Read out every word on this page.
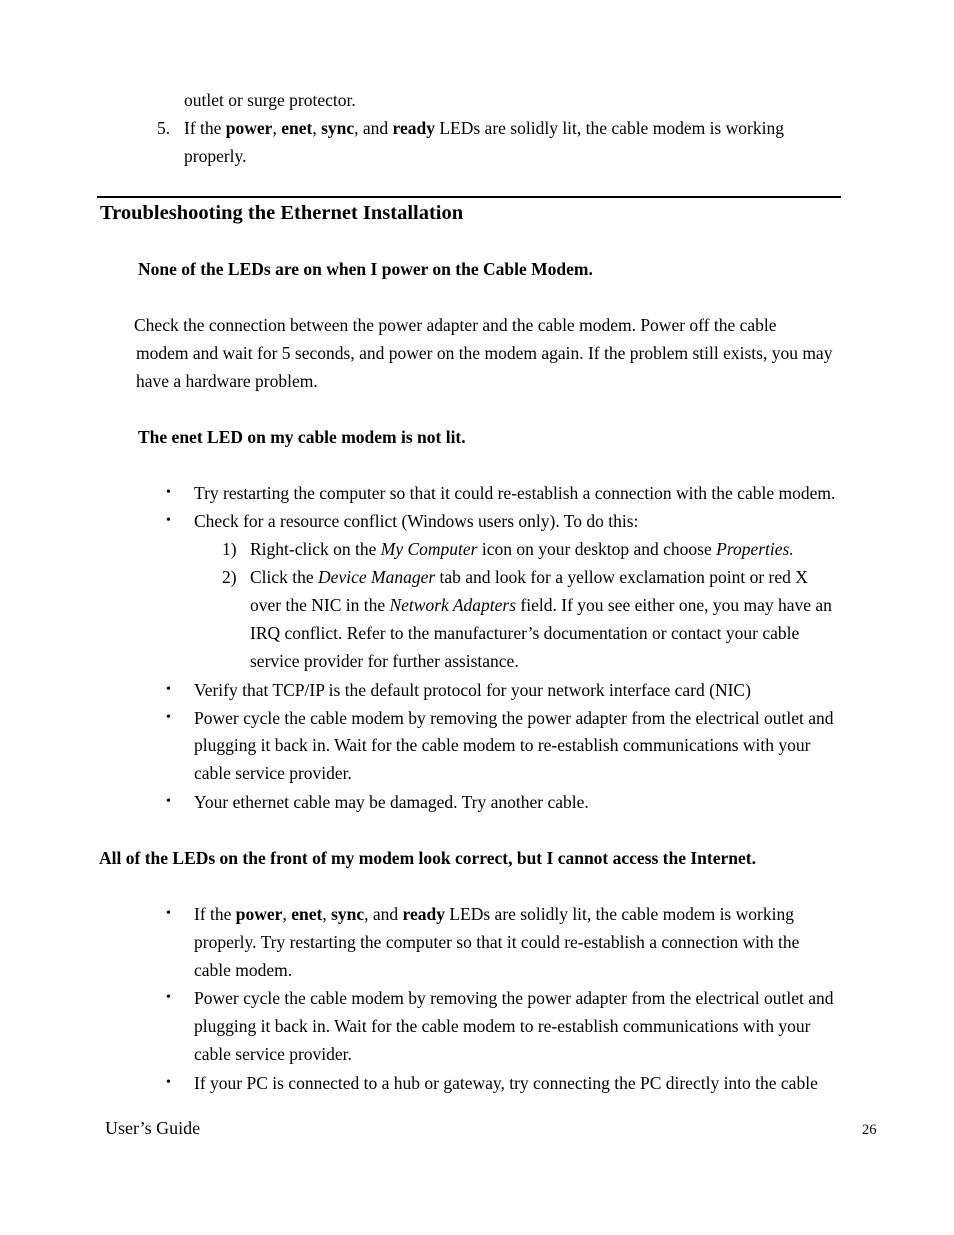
outlet or surge protector.
5. If the power, enet, sync, and ready LEDs are solidly lit, the cable modem is working
properly.
Troubleshooting the Ethernet Installation
None of the LEDs are on when I power on the Cable Modem.
Check the connection between the power adapter and the cable modem. Power off the cable
modem and wait for 5 seconds, and power on the modem again. If the problem still exists, you may
have a hardware problem.
The enet LED on my cable modem is not lit.
•	Try restarting the computer so that it could re-establish a connection with the cable modem.
•	Check for a resource conflict (Windows users only). To do this:
1) Right-click on the My Computer icon on your desktop and choose Properties.
2) Click the Device Manager tab and look for a yellow exclamation point or red X
over the NIC in the Network Adapters field. If you see either one, you may have an
IRQ conflict. Refer to the manufacturer’s documentation or contact your cable
service provider for further assistance.
•	Verify that TCP/IP is the default protocol for your network interface card (NIC)
•	Power cycle the cable modem by removing the power adapter from the electrical outlet and
plugging it back in. Wait for the cable modem to re-establish communications with your
cable service provider.
•	Your ethernet cable may be damaged. Try another cable.
All of the LEDs on the front of my modem look correct, but I cannot access the Internet.
•	If the power, enet, sync, and ready LEDs are solidly lit, the cable modem is working
properly. Try restarting the computer so that it could re-establish a connection with the
cable modem.
•	Power cycle the cable modem by removing the power adapter from the electrical outlet and
plugging it back in. Wait for the cable modem to re-establish communications with your
cable service provider.
•	If your PC is connected to a hub or gateway, try connecting the PC directly into the cable
User’s Guide	26
